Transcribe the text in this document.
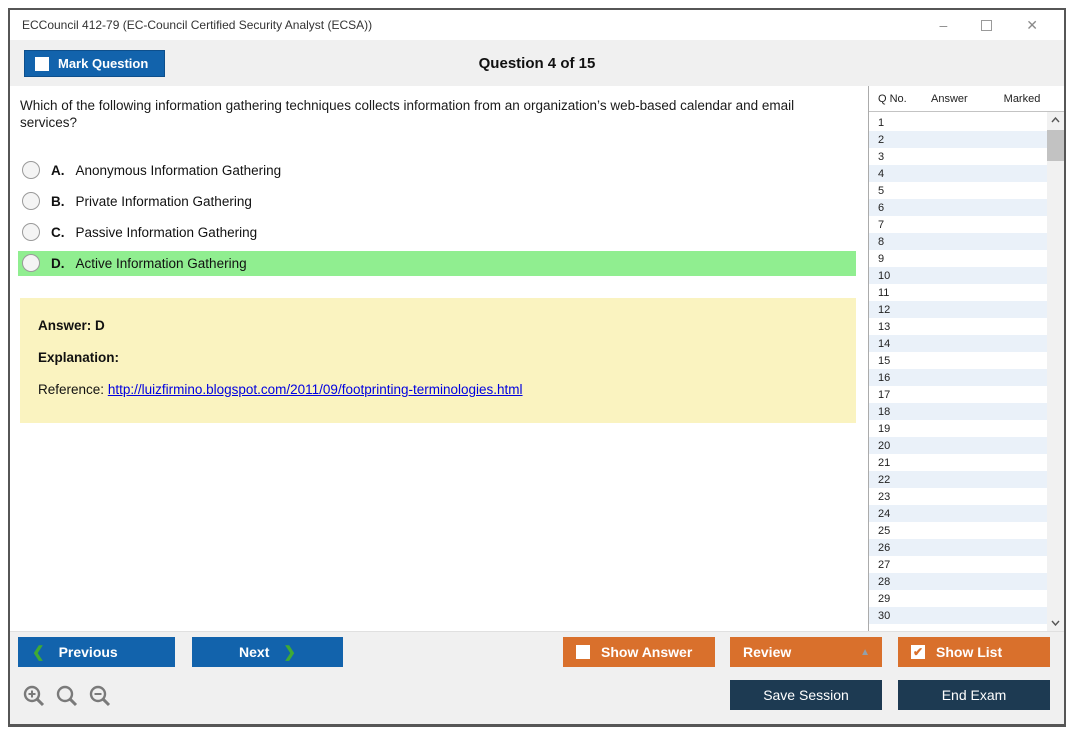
ECCouncil 412-79 (EC-Council Certified Security Analyst (ECSA))	–	✕
Question 4 of 15
Mark Question
Which of the following information gathering techniques collects information from an organization’s web-based calendar and email services?
A. Anonymous Information Gathering
B. Private Information Gathering
C. Passive Information Gathering
D. Active Information Gathering
Answer: D
Explanation:
Reference: http://luizfirmino.blogspot.com/2011/09/footprinting-terminologies.html
Q No.	Answer	Marked
1
2
3
4
5
6
7
8
9
10
11
12
13
14
15
16
17
18
19
20
21
22
23
24
25
26
27
28
29
30
❮ Previous	Next ❯	Show Answer	Review	▲	✔ Show List
Save Session	End Exam
